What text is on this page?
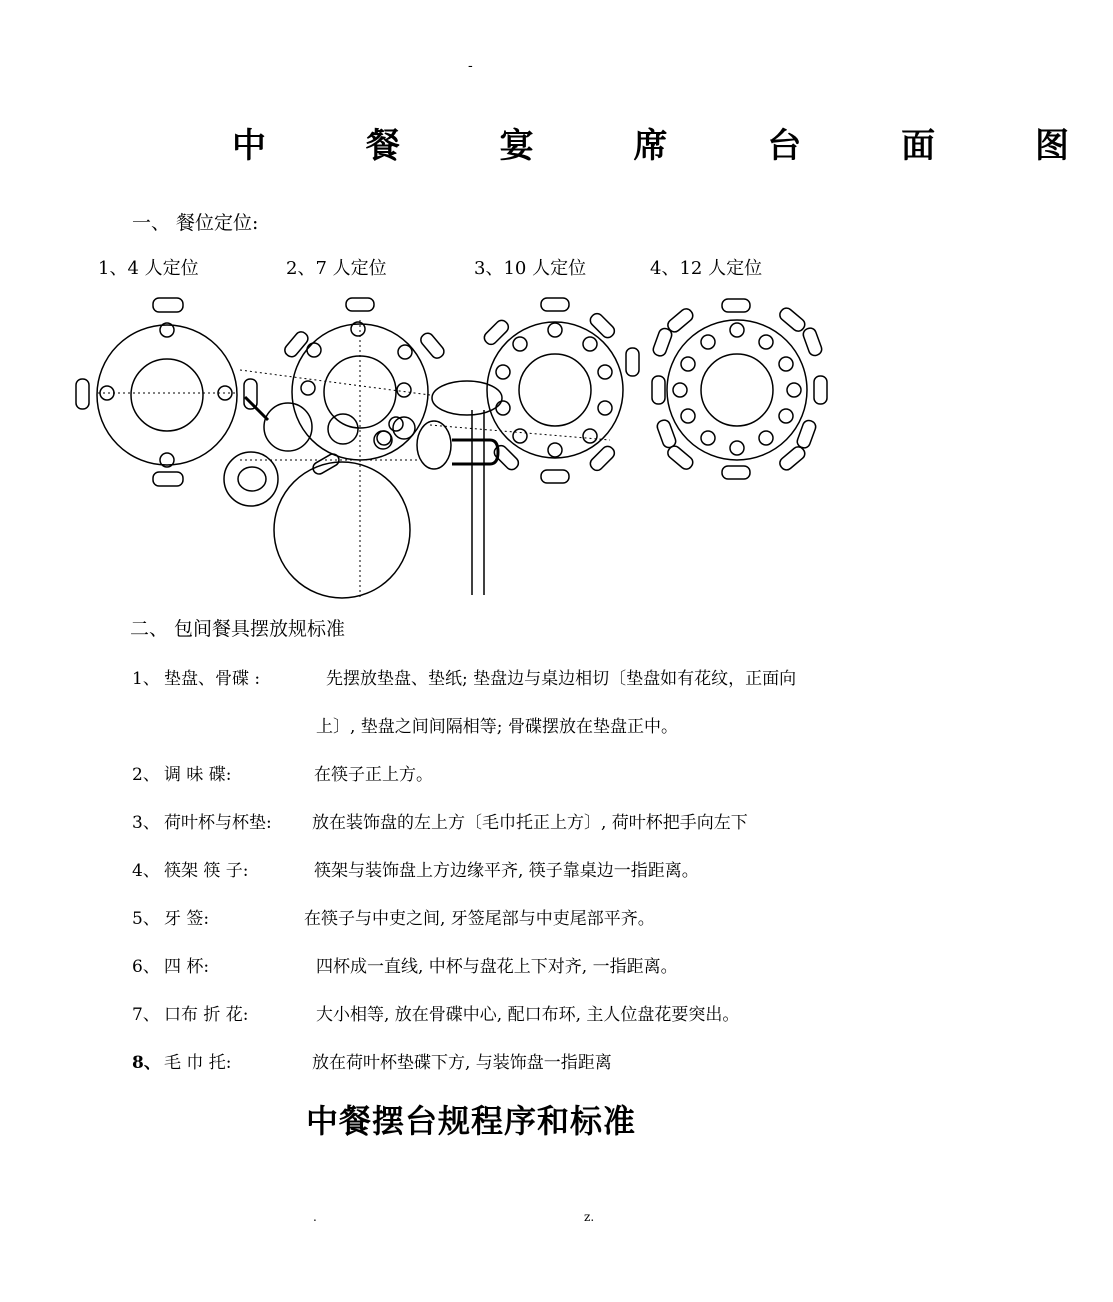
-
中 餐 宴 席 台 面 图
一、 餐位定位:
1、4 人定位	2、7 人定位	3、10 人定位	4、12 人定位
二、 包间餐具摆放规标准
1、 垫盘、骨碟 :	先摆放垫盘、垫纸; 垫盘边与桌边相切〔垫盘如有花纹，正面向
上〕, 垫盘之间间隔相等; 骨碟摆放在垫盘正中。
2、 调 味 碟:	在筷子正上方。
3、 荷叶杯与杯垫: 放在装饰盘的左上方〔毛巾托正上方〕, 荷叶杯把手向左下
4、 筷架 筷 子:	筷架与装饰盘上方边缘平齐, 筷子靠桌边一指距离。
5、 牙 签:	在筷子与中吏之间, 牙签尾部与中吏尾部平齐。
6、 四 杯:	四杯成一直线, 中杯与盘花上下对齐, 一指距离。
7、 口布 折 花:	大小相等, 放在骨碟中心, 配口布环, 主人位盘花要突出。
8、 毛 巾 托:	放在荷叶杯垫碟下方, 与装饰盘一指距离
中餐摆台规程序和标准
.	z.
